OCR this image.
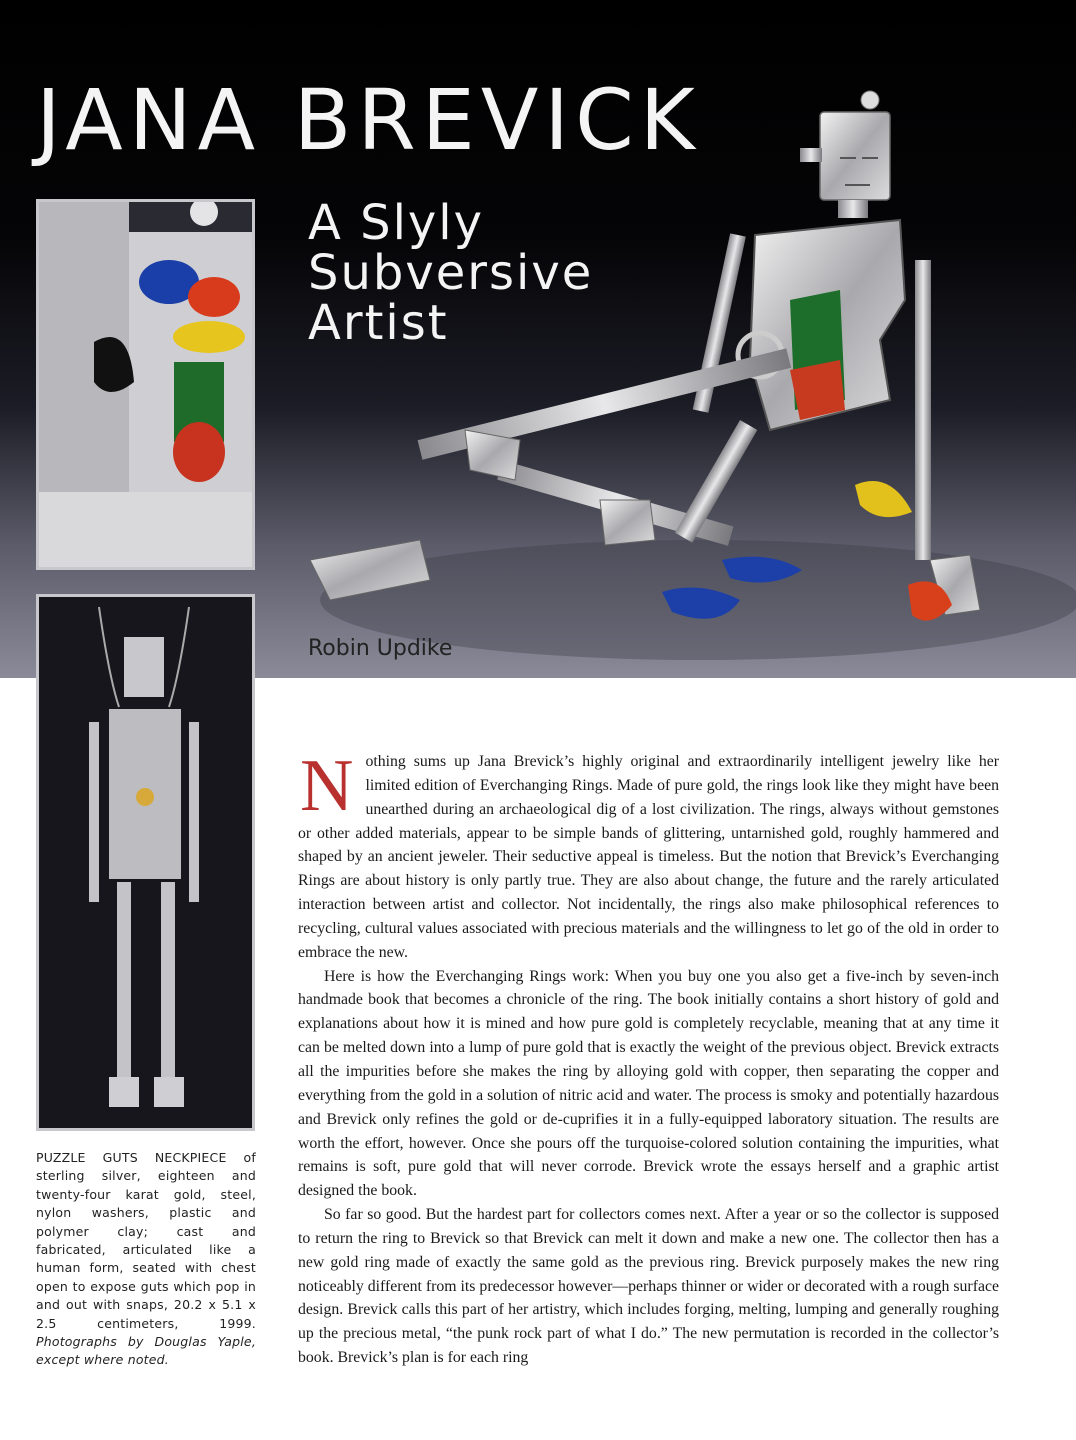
JANA BREVICK
A Slyly
Subversive
Artist

Robin Updike

PUZZLE GUTS NECKPIECE of sterling silver, eighteen and twenty-four karat gold, steel, nylon washers, plastic and polymer clay; cast and fabricated, articulated like a human form, seated with chest open to expose guts which pop in and out with snaps, 20.2 x 5.1 x 2.5 centimeters, 1999. Photographs by Douglas Yaple, except where noted.

Nothing sums up Jana Brevick’s highly original and extraordinarily intelligent jewelry like her limited edition of Everchanging Rings. Made of pure gold, the rings look like they might have been unearthed during an archaeological dig of a lost civilization. The rings, always without gemstones or other added materials, appear to be simple bands of glittering, untarnished gold, roughly hammered and shaped by an ancient jeweler. Their seductive appeal is timeless. But the notion that Brevick’s Everchanging Rings are about history is only partly true. They are also about change, the future and the rarely articulated interaction between artist and collector. Not incidentally, the rings also make philosophical references to recycling, cultural values associated with precious materials and the willingness to let go of the old in order to embrace the new.

Here is how the Everchanging Rings work: When you buy one you also get a five-inch by seven-inch handmade book that becomes a chronicle of the ring. The book initially contains a short history of gold and explanations about how it is mined and how pure gold is completely recyclable, meaning that at any time it can be melted down into a lump of pure gold that is exactly the weight of the previous object. Brevick extracts all the impurities before she makes the ring by alloying gold with copper, then separating the copper and everything from the gold in a solution of nitric acid and water. The process is smoky and potentially hazardous and Brevick only refines the gold or de-cuprifies it in a fully-equipped laboratory situation. The results are worth the effort, however. Once she pours off the turquoise-colored solution containing the impurities, what remains is soft, pure gold that will never corrode. Brevick wrote the essays herself and a graphic artist designed the book.

So far so good. But the hardest part for collectors comes next. After a year or so the collector is supposed to return the ring to Brevick so that Brevick can melt it down and make a new one. The collector then has a new gold ring made of exactly the same gold as the previous ring. Brevick purposely makes the new ring noticeably different from its predecessor however—perhaps thinner or wider or decorated with a rough surface design. Brevick calls this part of her artistry, which includes forging, melting, lumping and generally roughing up the precious metal, “the punk rock part of what I do.” The new permutation is recorded in the collector’s book. Brevick’s plan is for each ring
